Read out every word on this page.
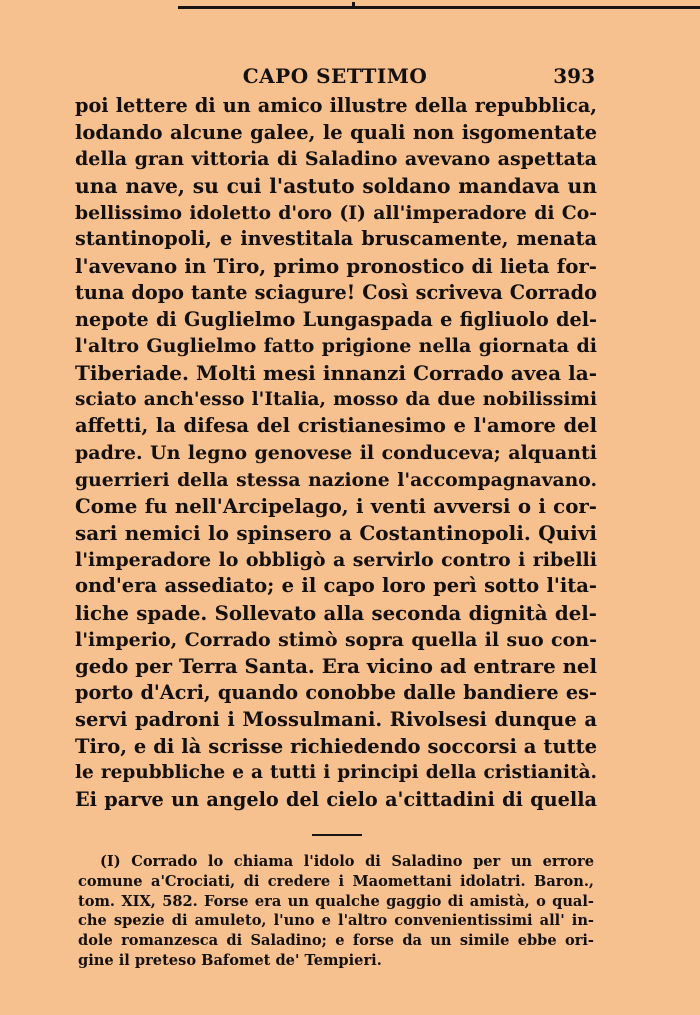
CAPO SETTIMO	393
poi lettere di un amico illustre della repubblica,
lodando alcune galee, le quali non isgomentate
della gran vittoria di Saladino avevano aspettata
una nave, su cui l'astuto soldano mandava un
bellissimo idoletto d'oro (I) all'imperadore di Co-
stantinopoli, e investitala bruscamente, menata
l'avevano in Tiro, primo pronostico di lieta for-
tuna dopo tante sciagure! Così scriveva Corrado
nepote di Guglielmo Lungaspada e figliuolo del-
l'altro Guglielmo fatto prigione nella giornata di
Tiberiade. Molti mesi innanzi Corrado avea la-
sciato anch'esso l'Italia, mosso da due nobilissimi
affetti, la difesa del cristianesimo e l'amore del
padre. Un legno genovese il conduceva; alquanti
guerrieri della stessa nazione l'accompagnavano.
Come fu nell'Arcipelago, i venti avversi o i cor-
sari nemici lo spinsero a Costantinopoli. Quivi
l'imperadore lo obbligò a servirlo contro i ribelli
ond'era assediato; e il capo loro perì sotto l'ita-
liche spade. Sollevato alla seconda dignità del-
l'imperio, Corrado stimò sopra quella il suo con-
gedo per Terra Santa. Era vicino ad entrare nel
porto d'Acri, quando conobbe dalle bandiere es-
servi padroni i Mossulmani. Rivolsesi dunque a
Tiro, e di là scrisse richiedendo soccorsi a tutte
le repubbliche e a tutti i principi della cristianità.
Ei parve un angelo del cielo a'cittadini di quella
(I) Corrado lo chiama l'idolo di Saladino per un errore
comune a'Crociati, di credere i Maomettani idolatri. Baron.,
tom. XIX, 582. Forse era un qualche gaggio di amistà, o qual-
che spezie di amuleto, l'uno e l'altro convenientissimi all' in-
dole romanzesca di Saladino; e forse da un simile ebbe ori-
gine il preteso Bafomet de' Tempieri.
